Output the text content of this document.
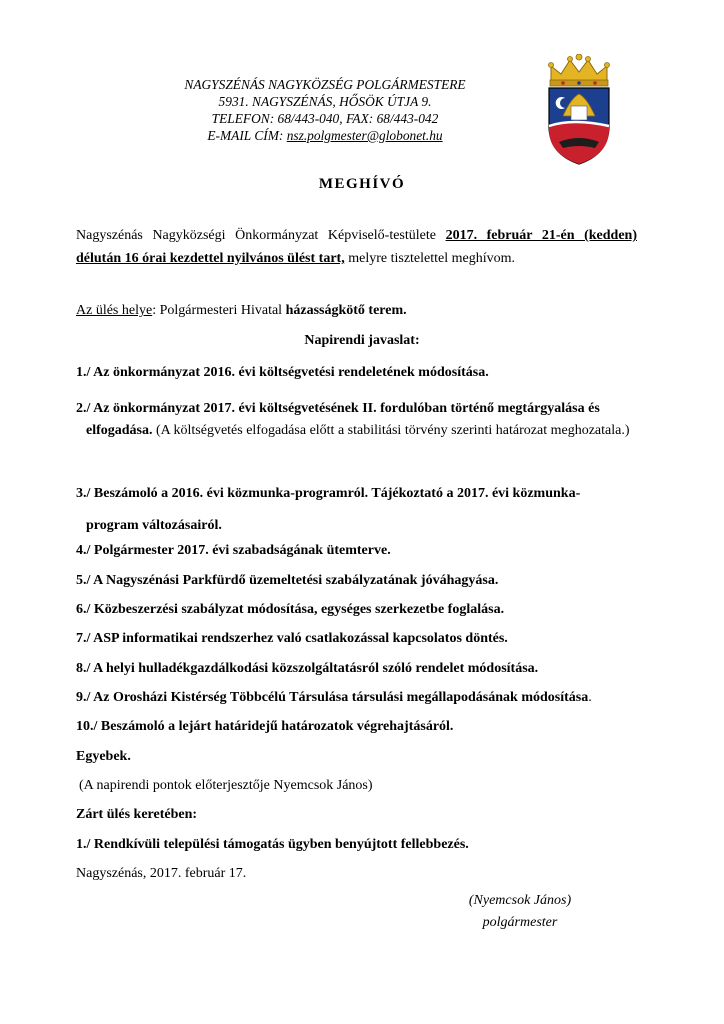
NAGYSZÉNÁS NAGYKÖZSÉG POLGÁRMESTERE
5931. NAGYSZÉNÁS, HŐSÖK ÚTJA 9.
TELEFON: 68/443-040, FAX: 68/443-042
E-MAIL CÍM: nsz.polgmester@globonet.hu
MEGHÍVÓ
Nagyszénás Nagyközségi Önkormányzat Képviselő-testülete 2017. február 21-én (kedden) délután 16 órai kezdettel nyilvános ülést tart, melyre tisztelettel meghívom.
Az ülés helye: Polgármesteri Hivatal házasságkötő terem.
Napirendi javaslat:
1./ Az önkormányzat 2016. évi költségvetési rendeletének módosítása.
2./ Az önkormányzat 2017. évi költségvetésének II. fordulóban történő megtárgyalása és
elfogadása. (A költségvetés elfogadása előtt a stabilitási törvény szerinti határozat meghozatala.)
3./ Beszámoló a 2016. évi közmunka-programról. Tájékoztató a 2017. évi közmunka-
program változásairól.
4./ Polgármester 2017. évi szabadságának ütemterve.
5./ A Nagyszénási Parkfürdő üzemeltetési szabályzatának jóváhagyása.
6./ Közbeszerzési szabályzat módosítása, egységes szerkezetbe foglalása.
7./ ASP informatikai rendszerhez való csatlakozással kapcsolatos döntés.
8./ A helyi hulladékgazdálkodási közszolgáltatásról szóló rendelet módosítása.
9./ Az Orosházi Kistérség Többcélú Társulása társulási megállapodásának módosítása.
10./ Beszámoló a lejárt határidejű határozatok végrehajtásáról.
Egyebek.
(A napirendi pontok előterjesztője Nyemcsok János)
Zárt ülés keretében:
1./ Rendkívüli települési támogatás ügyben benyújtott fellebbezés.
Nagyszénás, 2017. február 17.
(Nyemcsok János)
polgármester
